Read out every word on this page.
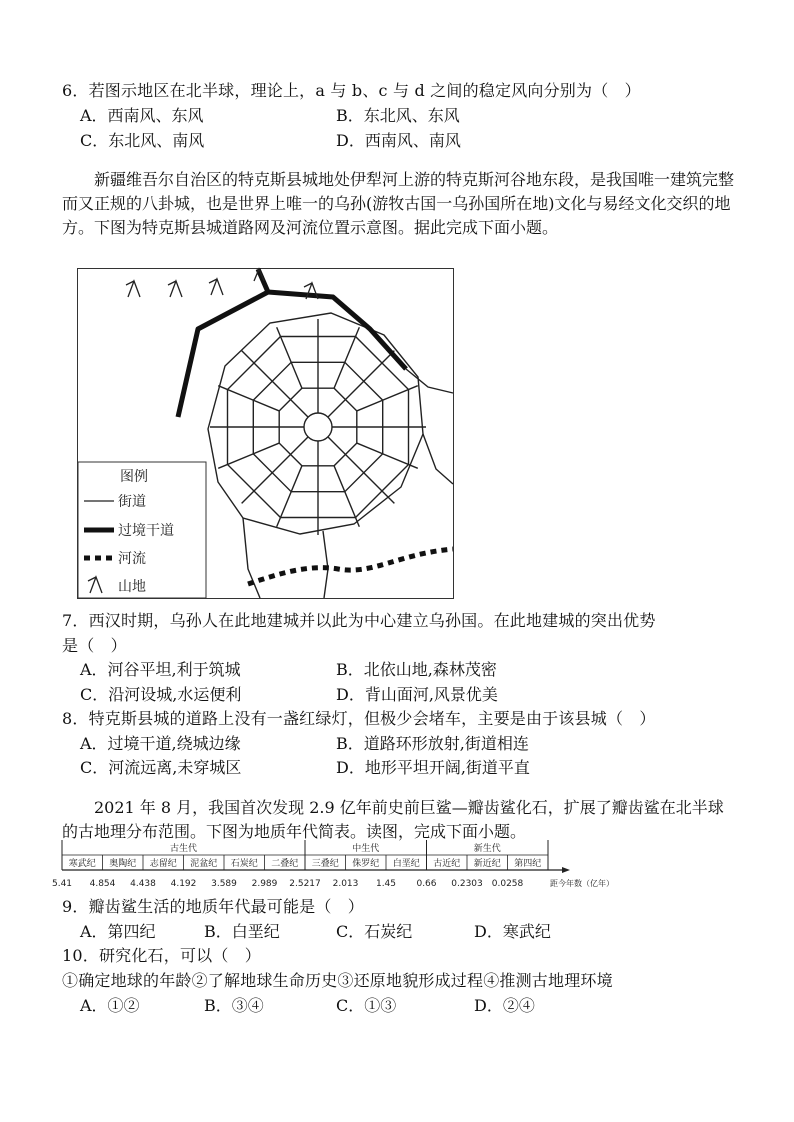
6．若图示地区在北半球，理论上，a 与 b、c 与 d 之间的稳定风向分别为（　）
A．西南风、东风	B．东北风、东风
C．东北风、南风	D．西南风、南风
新疆维吾尔自治区的特克斯县城地处伊犁河上游的特克斯河谷地东段，是我国唯一建筑完整而又正规的八卦城，也是世界上唯一的乌孙(游牧古国一乌孙国所在地)文化与易经文化交织的地方。下图为特克斯县城道路网及河流位置示意图。据此完成下面小题。
图例
街道
过境干道
河流
山地
7．西汉时期，乌孙人在此地建城并以此为中心建立乌孙国。在此地建城的突出优势
是（　）
A．河谷平坦,利于筑城	B．北依山地,森林茂密
C．沿河设城,水运便利	D．背山面河,风景优美
8．特克斯县城的道路上没有一盏红绿灯，但极少会堵车，主要是由于该县城（　）
A．过境干道,绕城边缘	B．道路环形放射,街道相连
C．河流远离,未穿城区	D．地形平坦开阔,街道平直
2021 年 8 月，我国首次发现 2.9 亿年前史前巨鲨—瓣齿鲨化石，扩展了瓣齿鲨在北半球的古地理分布范围。下图为地质年代简表。读图，完成下面小题。
古生代	中生代	新生代
寒武纪 奥陶纪 志留纪 泥盆纪 石炭纪 二叠纪 三叠纪 侏罗纪 白垩纪 古近纪 新近纪 第四纪
5.41 4.854 4.438 4.192 3.589 2.989 2.5217 2.013 1.45 0.66 0.2303 0.0258	距今年数（亿年）
9．瓣齿鲨生活的地质年代最可能是（　）
A．第四纪	B．白垩纪	C．石炭纪	D．寒武纪
10．研究化石，可以（　）
①确定地球的年龄②了解地球生命历史③还原地貌形成过程④推测古地理环境
A．①②	B．③④	C．①③	D．②④
